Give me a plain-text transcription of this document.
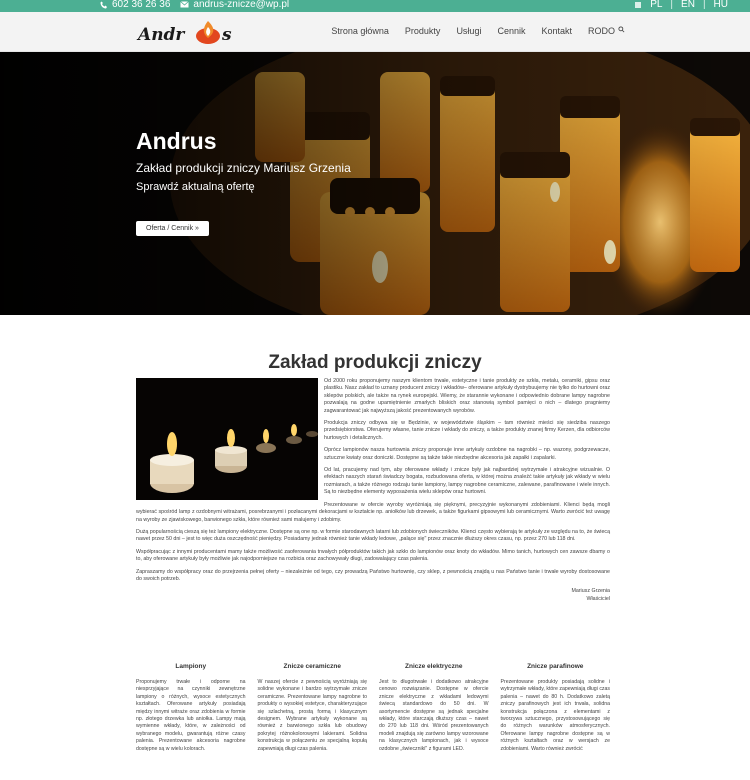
602 36 26 36 andrus-znicze@wp.pl	PL | EN | HU
Andr s	Strona główna Produkty Usługi Cennik Kontakt RODO
Andrus
Zakład produkcji zniczy Mariusz Grzenia
Sprawdź aktualną ofertę
Oferta / Cennik »
Zakład produkcji zniczy

Od 2000 roku proponujemy naszym klientom trwałe, estetyczne i tanie produkty ze szkła, metalu, ceramiki, gipsu oraz plastiku. Nasz zakład to uznany producent zniczy i wkładów– oferowane artykuły dystrybuujemy nie tylko do hurtowni oraz sklepów polskich, ale także na rynek europejski. Wiemy, że starannie wykonane i odpowiednio dobrane lampy nagrobne pozwalają na godne upamiętnienie zmarłych bliskich oraz stanowią symbol pamięci o nich – dlatego pragniemy zagwarantować jak najwyższą jakość prezentowanych wyrobów.

Produkcja zniczy odbywa się w Będzinie, w województwie śląskim – tam również mieści się siedziba naszego przedsiębiorstwa. Oferujemy własne, tanie znicze i wkłady do zniczy, a także produkty znanej firmy Kerzen, dla odbiorców hurtowych i detalicznych.

Oprócz lampionów nasza hurtownia zniczy proponuje inne artykuły ozdobne na nagrobki – np. wazony, podgrzewacze, sztuczne kwiaty oraz doniczki. Dostępne są także takie niezbędne akcesoria jak zapałki i zapalarki.

Od lat, pracujemy nad tym, aby oferowane wkłady i znicze były jak najbardziej wytrzymałe i atrakcyjne wizualnie. O efektach naszych starań świadczy bogata, rozbudowana oferta, w której można znaleźć takie artykuły jak wkłady w wielu rozmiarach, a także różnego rodzaju tanie lampiony, lampy nagrobne ceramiczne, zalewane, parafinowane i wiele innych. Są to niezbędne elementy wyposażenia wielu sklepów oraz hurtowni.

Prezentowane w ofercie wyroby wyróżniają się pięknymi, precyzyjnie wykonanymi zdobieniami. Klienci będą mogli wybierać spośród lamp z ozdobnymi witrażami, posrebrzanymi i pozłacanymi dekoracjami w kształcie np. aniołków lub drzewek, a także figurkami gipsowymi lub ceramicznymi. Warto zwrócić też uwagę na wyroby ze zjawiskowego, barwionego szkła, które również sami malujemy i zdobimy.

Dużą popularnością cieszą się też lampiony elektryczne. Dostępne są one np. w formie starodawnych latarni lub zdobionych świeczników. Klienci często wybierają te artykuły ze względu na to, że świecą nawet przez 50 dni – jest to więc duża oszczędność pieniędzy. Posiadamy jednak również tanie wkłady ledowe, „palące się" przez znacznie dłuższy okres czasu, np. przez 270 lub 118 dni.

Współpracując z innymi producentami mamy także możliwość zaoferowania trwałych półproduktów takich jak szkło do lampionów oraz knoty do wkładów. Mimo tanich, hurtowych cen zawsze dbamy o to, aby oferowane artykuły były możliwie jak najodporniejsze na rozbicia oraz zachowywały długi, zadowalający czas palenia.

Zapraszamy do współpracy oraz do przejrzenia pełnej oferty – niezależnie od tego, czy prowadzą Państwo hurtownię, czy sklep, z pewnością znajdą u nas Państwo tanie i trwałe wyroby dostosowane do swoich potrzeb.

Mariusz Grzenia
Właściciel
Lampiony

Proponujemy trwałe i odporne na niesprzyjające na czynniki zewnętrzne lampiony o różnych, wysoce estetycznych kształtach. Oferowane artykuły posiadają między innymi witraże oraz zdobienia w formie np. złotego drzewka lub aniołka. Lampy mają wymienne wkłady, które, w zależności od wybranego modelu, gwarantują różne czasy palenia. Prezentowane akcesoria nagrobne dostępne są w wielu kolorach.

Znicze ceramiczne

W naszej ofercie z pewnością wyróżniają się solidne wykonane i bardzo wytrzymałe znicze ceramiczne. Prezentowane lampy nagrobne to produkty o wysokiej estetyce, charakteryzujące się szlachetną, prostą formą i klasycznym designem. Wybrane artykuły wykonane są również z barwionego szkła lub obudowy pokrytej różnokolorowymi lakierami. Solidna konstrukcja w połączeniu ze specjalną kopułą zapewniają długi czas palenia.

Znicze elektryczne

Jest to długotrwałe i dodatkowo atrakcyjne cenowo rozwiązanie. Dostępne w ofercie znicze elektryczne z wkładami ledowymi świecą standardowo do 50 dni. W asortymencie dostępne są jednak specjalne wkłady, które starczają dłuższy czas – nawet do 270 lub 118 dni. Wśród prezentowanych modeli znajdują się zarówno lampy wzorowane na klasycznych lampionach, jak i wysoce ozdobne „świeczniki" z figurami LED.

Znicze parafinowe

Prezentowane produkty posiadają solidne i wytrzymałe wkłady, które zapewniają długi czas palenia – nawet do 80 h. Dodatkowo zaletą zniczy parafinowych jest ich trwała, solidna konstrukcja połączona z elementami z tworzywa sztucznego, przystosowującego się do różnych warunków atmosferycznych. Oferowane lampy nagrobne dostępne są w różnych kształtach oraz w wersjach ze zdobieniami. Warto również zwrócić
